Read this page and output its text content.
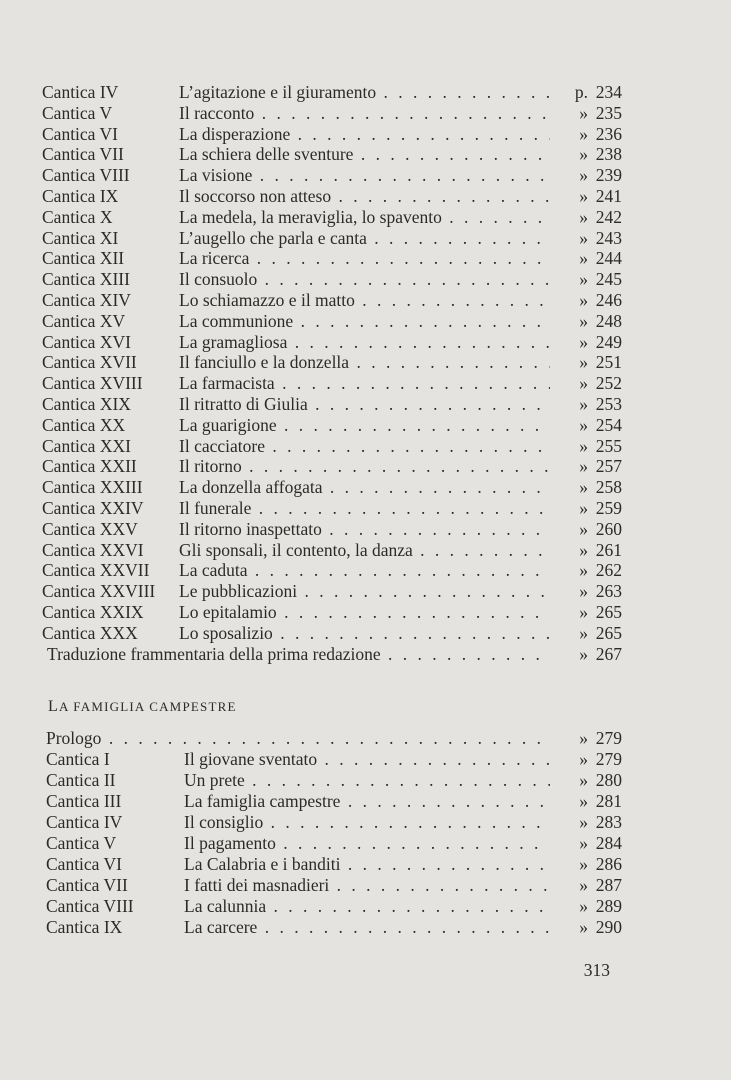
Cantica IV	L’agitazione e il giuramento . .	p. 234
Cantica V	Il racconto . .	» 235
Cantica VI	La disperazione . .	» 236
Cantica VII	La schiera delle sventure . .	» 238
Cantica VIII	La visione . .	» 239
Cantica IX	Il soccorso non atteso . .	» 241
Cantica X	La medela, la meraviglia, lo spavento . .	» 242
Cantica XI	L’augello che parla e canta . .	» 243
Cantica XII	La ricerca . .	» 244
Cantica XIII	Il consuolo . .	» 245
Cantica XIV	Lo schiamazzo e il matto . .	» 246
Cantica XV	La communione . .	» 248
Cantica XVI	La gramagliosa . .	» 249
Cantica XVII Il fanciullo e la donzella . .	» 251
Cantica XVIII La farmacista . .	» 252
Cantica XIX	Il ritratto di Giulia . .	» 253
Cantica XX	La guarigione . .	» 254
Cantica XXI	Il cacciatore . .	» 255
Cantica XXII Il ritorno . .	» 257
Cantica XXIII La donzella affogata . .	» 258
Cantica XXIV Il funerale . .	» 259
Cantica XXV Il ritorno inaspettato . .	» 260
Cantica XXVI Gli sponsali, il contento, la danza . .	» 261
Cantica XXVII La caduta . .	» 262
Cantica XXVIII Le pubblicazioni . .	» 263
Cantica XXIX Lo epitalamio . .	» 265
Cantica XXX Lo sposalizio . .	» 265
Traduzione frammentaria della prima redazione . .	» 267
LA FAMIGLIA CAMPESTRE
Prologo . .	» 279
Cantica I	Il giovane sventato . .	» 279
Cantica II	Un prete . .	» 280
Cantica III	La famiglia campestre . .	» 281
Cantica IV	Il consiglio . .	» 283
Cantica V	Il pagamento . .	» 284
Cantica VI	La Calabria e i banditi . .	» 286
Cantica VII	I fatti dei masnadieri . .	» 287
Cantica VIII	La calunnia . .	» 289
Cantica IX	La carcere . .	» 290
313
